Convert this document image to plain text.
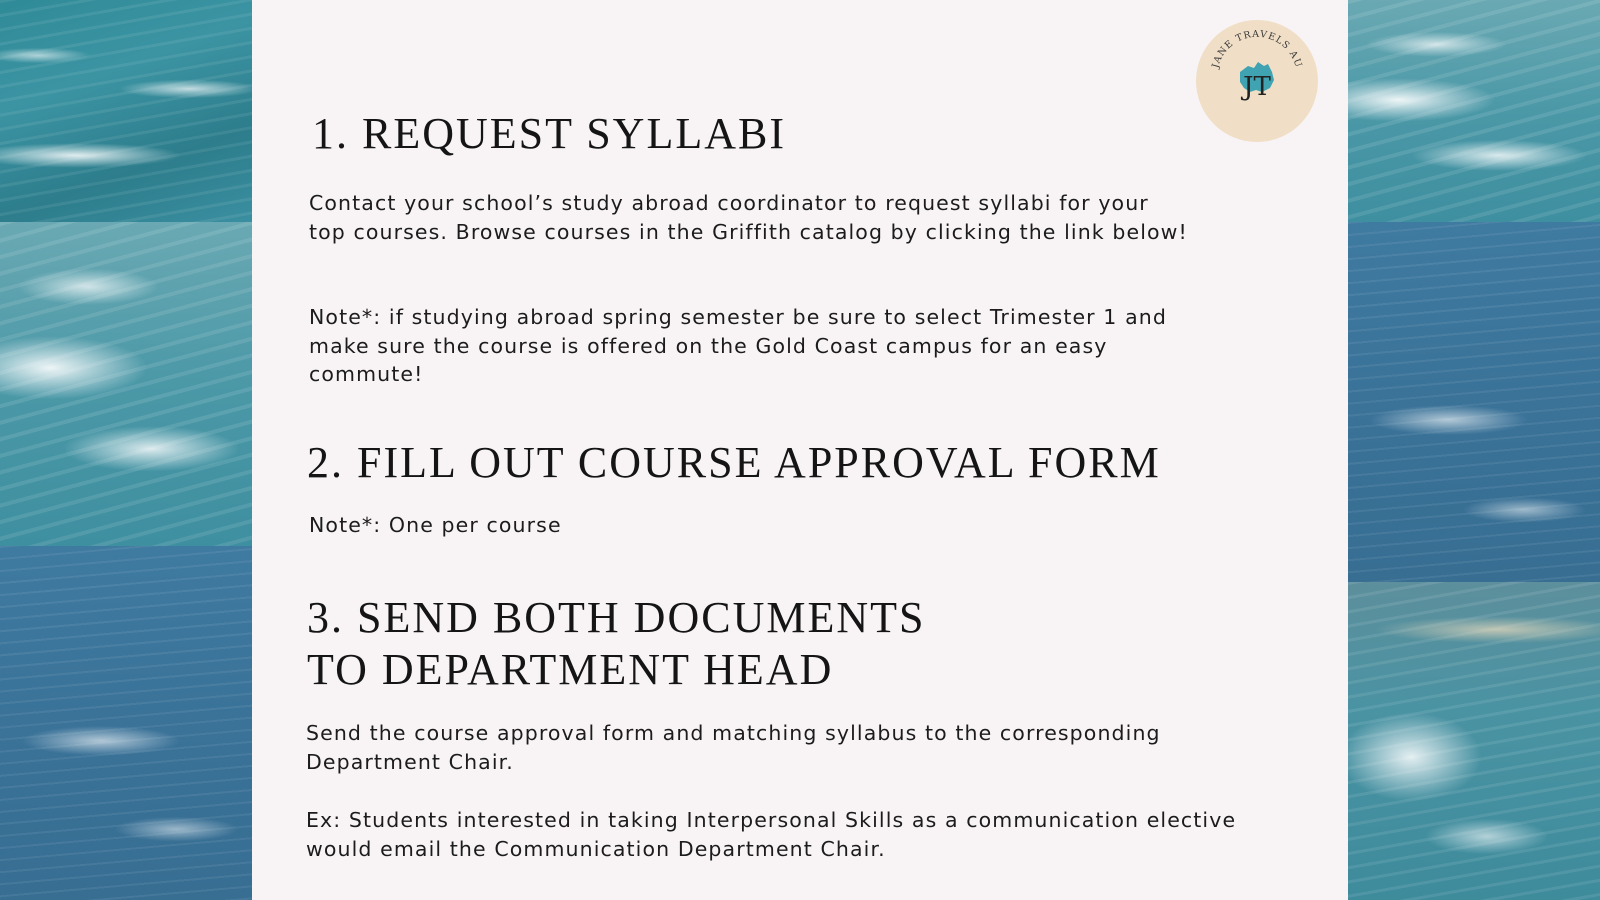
JANE TRAVELS AU
JT
1. REQUEST SYLLABI

Contact your school’s study abroad coordinator to request syllabi for your top courses. Browse courses in the Griffith catalog by clicking the link below!

Note*: if studying abroad spring semester be sure to select Trimester 1 and make sure the course is offered on the Gold Coast campus for an easy commute!

2. FILL OUT COURSE APPROVAL FORM

Note*: One per course

3. SEND BOTH DOCUMENTS TO DEPARTMENT HEAD

Send the course approval form and matching syllabus to the corresponding Department Chair.

Ex: Students interested in taking Interpersonal Skills as a communication elective would email the Communication Department Chair.
